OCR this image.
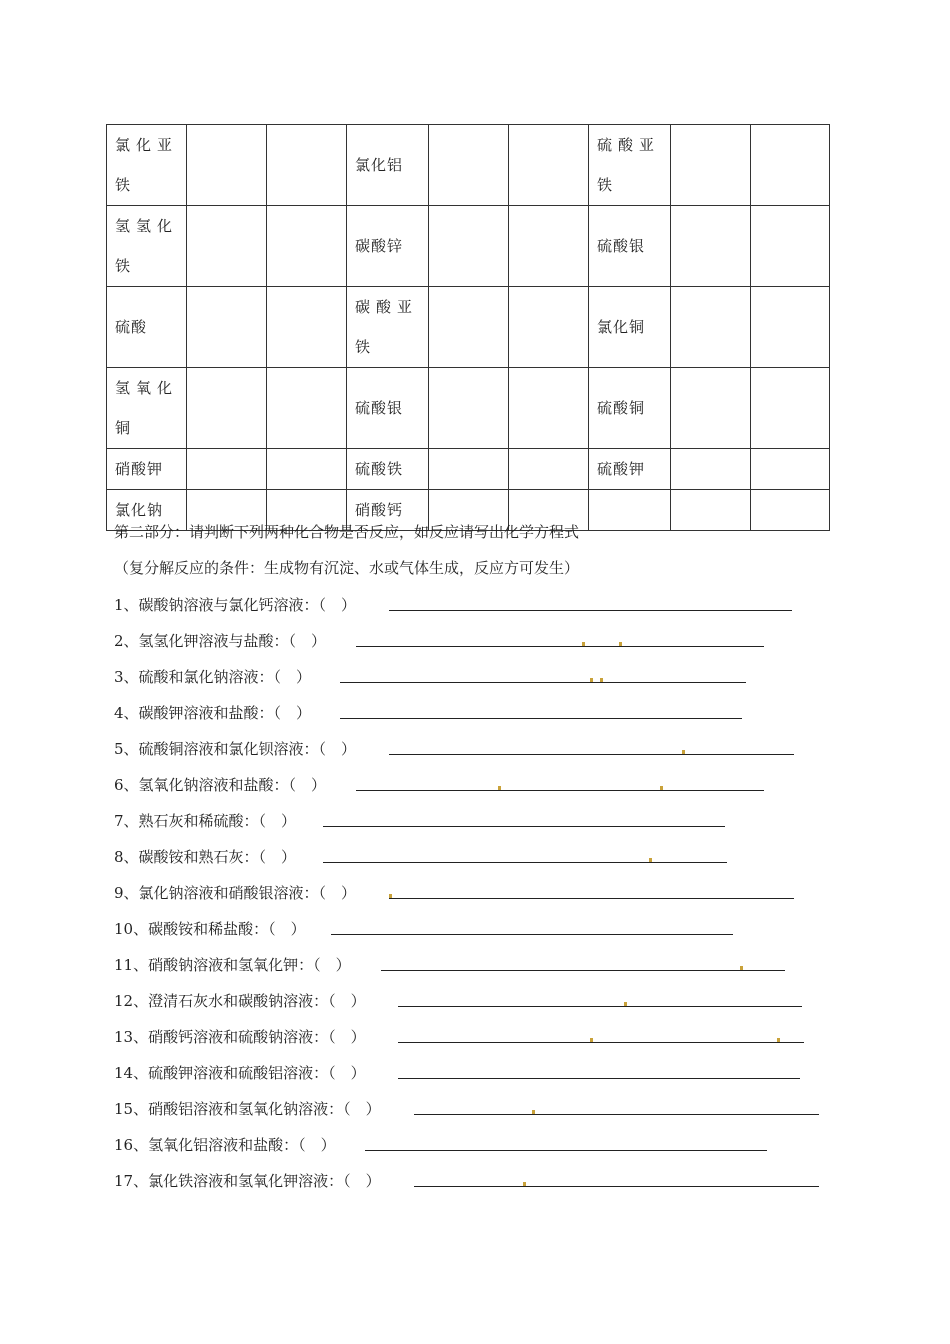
氯化亚铁			氯化铝			硫酸亚铁		
氢氢化铁			碳酸锌			硫酸银		
硫酸			碳酸亚铁			氯化铜		
氢氧化铜			硫酸银			硫酸铜		
硝酸钾			硫酸铁			硫酸钾		
氯化钠			硝酸钙					
第二部分：请判断下列两种化合物是否反应，如反应请写出化学方程式
（复分解反应的条件：生成物有沉淀、水或气体生成，反应方可发生）
1、碳酸钠溶液与氯化钙溶液：（　）
2、氢氢化钾溶液与盐酸：（　）
3、硫酸和氯化钠溶液：（　）
4、碳酸钾溶液和盐酸：（　）
5、硫酸铜溶液和氯化钡溶液：（　）
6、氢氧化钠溶液和盐酸：（　）
7、熟石灰和稀硫酸：（　）
8、碳酸铵和熟石灰：（　）
9、氯化钠溶液和硝酸银溶液：（　）
10、碳酸铵和稀盐酸：（　）
11、硝酸钠溶液和氢氧化钾：（　）
12、澄清石灰水和碳酸钠溶液：（　）
13、硝酸钙溶液和硫酸钠溶液：（　）
14、硫酸钾溶液和硫酸铝溶液：（　）
15、硝酸铝溶液和氢氧化钠溶液：（　）
16、氢氧化铝溶液和盐酸：（　）
17、氯化铁溶液和氢氧化钾溶液：（　）
